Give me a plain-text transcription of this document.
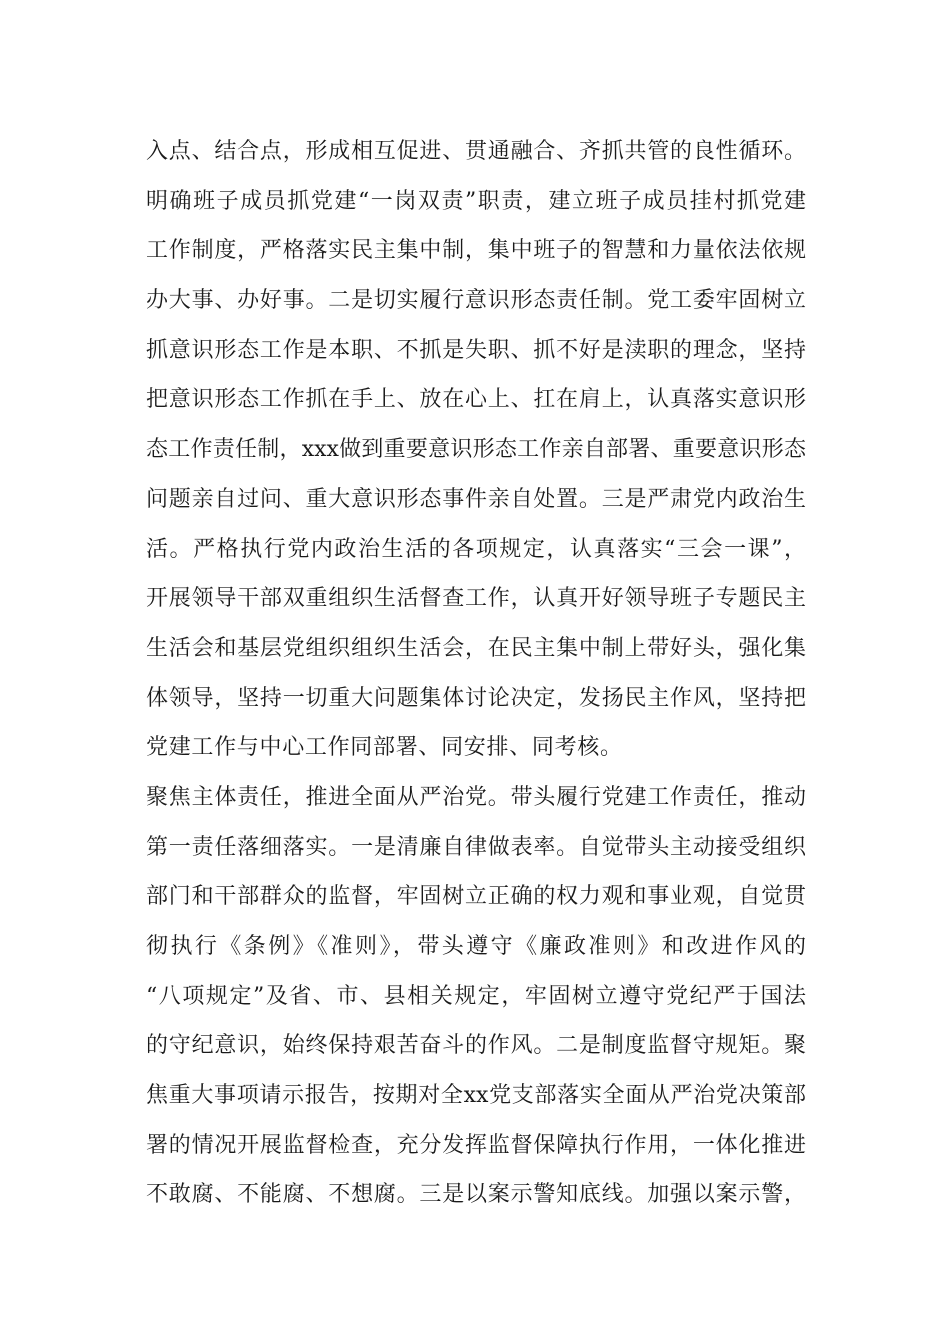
入点、结合点，形成相互促进、贯通融合、齐抓共管的良性循环。
明确班子成员抓党建“一岗双责”职责，建立班子成员挂村抓党建
工作制度，严格落实民主集中制，集中班子的智慧和力量依法依规
办大事、办好事。二是切实履行意识形态责任制。党工委牢固树立
抓意识形态工作是本职、不抓是失职、抓不好是渎职的理念，坚持
把意识形态工作抓在手上、放在心上、扛在肩上，认真落实意识形
态工作责任制，xxx做到重要意识形态工作亲自部署、重要意识形态
问题亲自过问、重大意识形态事件亲自处置。三是严肃党内政治生
活。严格执行党内政治生活的各项规定，认真落实“三会一课”，
开展领导干部双重组织生活督查工作，认真开好领导班子专题民主
生活会和基层党组织组织生活会，在民主集中制上带好头，强化集
体领导，坚持一切重大问题集体讨论决定，发扬民主作风，坚持把
党建工作与中心工作同部署、同安排、同考核。
聚焦主体责任，推进全面从严治党。带头履行党建工作责任，推动
第一责任落细落实。一是清廉自律做表率。自觉带头主动接受组织
部门和干部群众的监督，牢固树立正确的权力观和事业观，自觉贯
彻执行《条例》《准则》，带头遵守《廉政准则》和改进作风的
“八项规定”及省、市、县相关规定，牢固树立遵守党纪严于国法
的守纪意识，始终保持艰苦奋斗的作风。二是制度监督守规矩。聚
焦重大事项请示报告，按期对全xx党支部落实全面从严治党决策部
署的情况开展监督检查，充分发挥监督保障执行作用，一体化推进
不敢腐、不能腐、不想腐。三是以案示警知底线。加强以案示警，
